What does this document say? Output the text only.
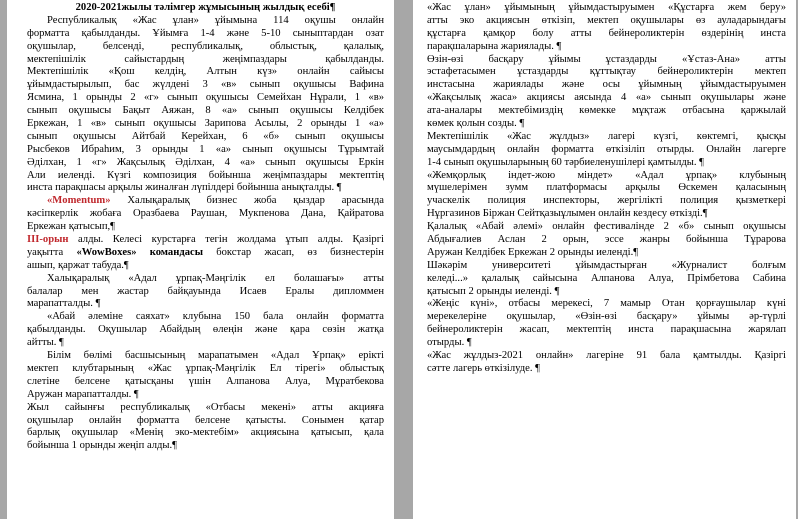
2020-2021жылы тәлімгер жұмысының жылдық есебі¶
Республикалық «Жас ұлан» ұйымына 114 оқушы онлайн
форматта қабылданды. Ұйымға 1-4 және 5-10 сыныптардан озат
оқушылар, белсенді, республикалық, облыстық, қалалық,
мектепішілік сайыстардың жеңімпаздары қабылданды.
Мектепішілік «Қош келдің, Алтын күз» онлайн сайысы
ұйымдастырылып, бас жүлдені 3 «в» сынып оқушысы Вафина
Ясмина, 1 орынды 2 «г» сынып оқушысы Семейхан Нұрали, 1 «в»
сынып оқушысы Бақыт Аяжан, 8 «а» сынып оқушысы Келдібек
Еркежан, 1 «в» сынып оқушысы Зарипова Асылы, 2 орынды 1 «а»
сынып оқушысы Айтбай Керейхан, 6 «б» сынып оқушысы
Рысбеков Ибраһим, 3 орынды 1 «а» сынып оқушысы Тұрымтай
Әділхан, 1 «г» Жақсылық Әділхан, 4 «а» сынып оқушысы Еркін
Али иеленді. Күзгі композиция бойынша жеңімпаздары мектептің
инста парақшасы арқылы жиналған лүпілдері бойынша анықталды. ¶
«Momentum» Халықаралық бизнес жоба қыздар арасында
кәсіпкерлік жобаға Оразбаева Раушан, Мукпенова Дана, Қайратова
Еркежан қатысып,¶
III-орын алды. Келесі курстарға тегін жолдама ұтып алды. Қазіргі
уақытта «WowBoxes» командасы бокстар жасап, өз бизнестерін
ашып, қаржат табуда.¶
Халықаралық «Адал ұрпақ-Мәңгілік ел болашағы» атты
балалар мен жастар байқауында Исаев Ералы дипломмен
марапатталды. ¶
«Абай әлеміне саяхат» клубына 150 бала онлайн форматта
қабылданды. Оқушылар Абайдың өлеңін және қара сөзін жатқа
айтты. ¶
Білім бөлімі басшысының марапатымен «Адал Ұрпақ» ерікті
мектеп клубтарының «Жас ұрпақ-Мәңгілік Ел тірегі» облыстық
слетіне белсене қатысқаны үшін Алпанова Алуа, Мұратбекова
Аружан марапатталды. ¶
Жыл сайынғы республикалық «Отбасы мекені» атты акцияға
оқушылар онлайн форматта белсене қатысты. Сонымен қатар
барлық оқушылар «Менің эко-мектебім» акциясына қатысып, қала
бойынша 1 орынды жеңіп алды.¶
«Жас ұлан» ұйымының ұйымдастыруымен «Құстарға жем беру»
атты эко акциясын өткізіп, мектеп оқушылары өз ауладарындағы
құстарға қамқор болу атты бейнероликтерін өздерінің инста
парақшаларына жариялады. ¶
Өзін-өзі басқару ұйымы ұстаздарды «Ұстаз-Ана» атты
эстафетасымен ұстаздарды құттықтау бейнероликтерін мектеп
инстасына жариялады және осы ұйымның ұйымдастыруымен
«Жақсылық жаса» акциясы аясында 4 «а» сынып оқушылары және
ата-аналары мектебімиздің көмекке мұқтаж отбасына қаржылай
көмек қолын созды. ¶
Мектепішілік «Жас жұлдыз» лагері күзгі, көктемгі, қысқы
маусымдардың онлайн форматта өткізіліп отырды. Онлайн лагерге
1-4 сынып оқушыларының 60 тәрбиеленушілері қамтылды. ¶
«Жемқорлық індет-жою міндет» «Адал ұрпақ» клубының
мүшелерімен зумм платформасы арқылы Өскемен қаласының
учаскелік полиция инспекторы, жергілікті полиция қызметкері
Нұргазинов Біржан Сейтқазыұлымен онлайн кездесу өткізді.¶
Қалалық «Абай әлемі» онлайн фестивалінде 2 «б» сынып оқушысы
Абдығалиев Аслан 2 орын, эссе жанры бойынша Тұрарова
Аружан Келдібек Еркежан 2 орынды иеленді.¶
Шәкәрім университеті ұйымдастырған «Журналист болғым
келеді...» қалалық сайысына Алпанова Алуа, Прімбетова Сабина
қатысып 2 орынды иеленді. ¶
«Жеңіс күні», отбасы мерекесі, 7 мамыр Отан қорғаушылар күні
мерекелеріне оқушылар, «Өзін-өзі басқару» ұйымы әр-түрлі
бейнероликтерін жасап, мектептің инста парақшасына жарялап
отырды. ¶
«Жас жұлдыз-2021 онлайн» лагеріне 91 бала қамтылды. Қазіргі
сәтте лагерь өткізілуде. ¶
